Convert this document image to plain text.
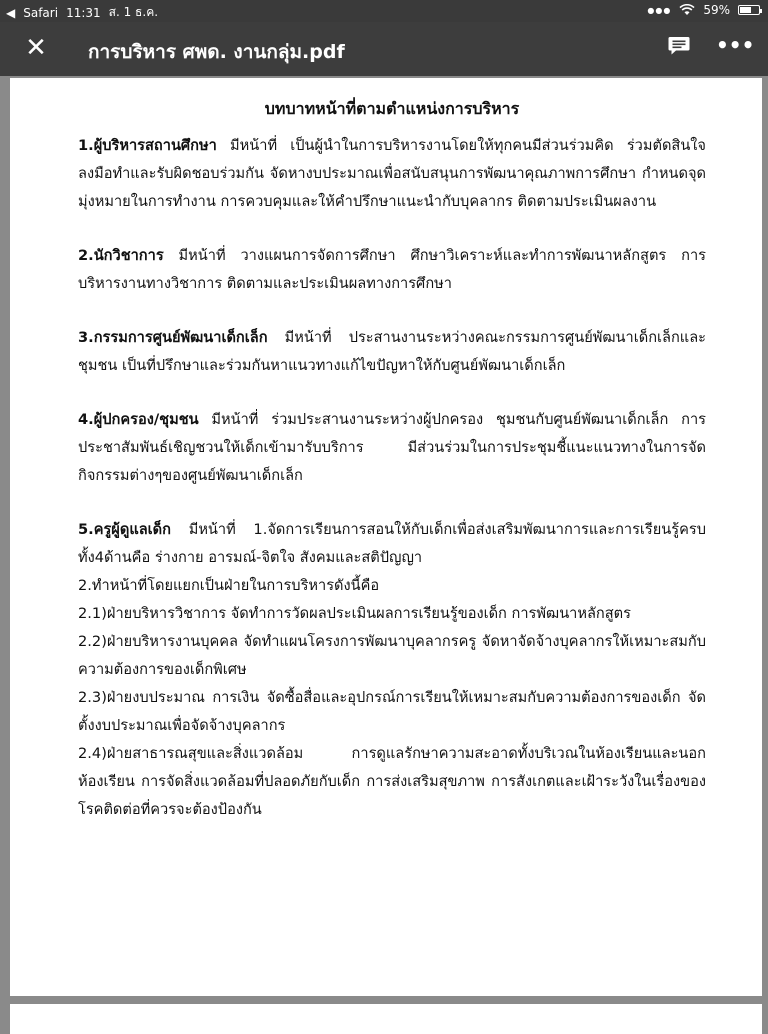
◀ Safari 11:31 ส. 1 ธ.ค.	●●●	59%
✕ การบริหาร ศพด. งานกลุ่ม.pdf	•••
บทบาทหน้าที่ตามตำแหน่งการบริหาร
1.ผู้บริหารสถานศึกษา มีหน้าที่ เป็นผู้นำในการบริหารงานโดยให้ทุกคนมีส่วนร่วมคิด ร่วมตัดสินใจ ลงมือทำและรับผิดชอบร่วมกัน จัดหางบประมาณเพื่อสนับสนุนการพัฒนาคุณภาพการศึกษา กำหนดจุดมุ่งหมายในการทำงาน การควบคุมและให้คำปรึกษาแนะนำกับบุคลากร ติดตามประเมินผลงาน
2.นักวิชาการ มีหน้าที่ วางแผนการจัดการศึกษา ศึกษาวิเคราะห์และทำการพัฒนาหลักสูตร การบริหารงานทางวิชาการ ติดตามและประเมินผลทางการศึกษา
3.กรรมการศูนย์พัฒนาเด็กเล็ก มีหน้าที่ ประสานงานระหว่างคณะกรรมการศูนย์พัฒนาเด็กเล็กและชุมชน เป็นที่ปรึกษาและร่วมกันหาแนวทางแก้ไขปัญหาให้กับศูนย์พัฒนาเด็กเล็ก
4.ผู้ปกครอง/ชุมชน มีหน้าที่ ร่วมประสานงานระหว่างผู้ปกครอง ชุมชนกับศูนย์พัฒนาเด็กเล็ก การประชาสัมพันธ์เชิญชวนให้เด็กเข้ามารับบริการ มีส่วนร่วมในการประชุมชี้แนะแนวทางในการจัดกิจกรรมต่างๆของศูนย์พัฒนาเด็กเล็ก

5.ครูผู้ดูแลเด็ก มีหน้าที่ 1.จัดการเรียนการสอนให้กับเด็กเพื่อส่งเสริมพัฒนาการและการเรียนรู้ครบทั้ง4ด้านคือ ร่างกาย อารมณ์-จิตใจ สังคมและสติปัญญา

2.ทำหน้าที่โดยแยกเป็นฝ่ายในการบริหารดังนี้คือ

2.1)ฝ่ายบริหารวิชาการ จัดทำการวัดผลประเมินผลการเรียนรู้ของเด็ก การพัฒนาหลักสูตร

2.2)ฝ่ายบริหารงานบุคคล จัดทำแผนโครงการพัฒนาบุคลากรครู จัดหาจัดจ้างบุคลากรให้เหมาะสมกับความต้องการของเด็กพิเศษ

2.3)ฝ่ายงบประมาณ การเงิน จัดซื้อสื่อและอุปกรณ์การเรียนให้เหมาะสมกับความต้องการของเด็ก จัดตั้งงบประมาณเพื่อจัดจ้างบุคลากร

2.4)ฝ่ายสาธารณสุขและสิ่งแวดล้อม การดูแลรักษาความสะอาดทั้งบริเวณในห้องเรียนและนอกห้องเรียน การจัดสิ่งแวดล้อมที่ปลอดภัยกับเด็ก การส่งเสริมสุขภาพ การสังเกตและเฝ้าระวังในเรื่องของ โรคติดต่อที่ควรจะต้องป้องกัน
